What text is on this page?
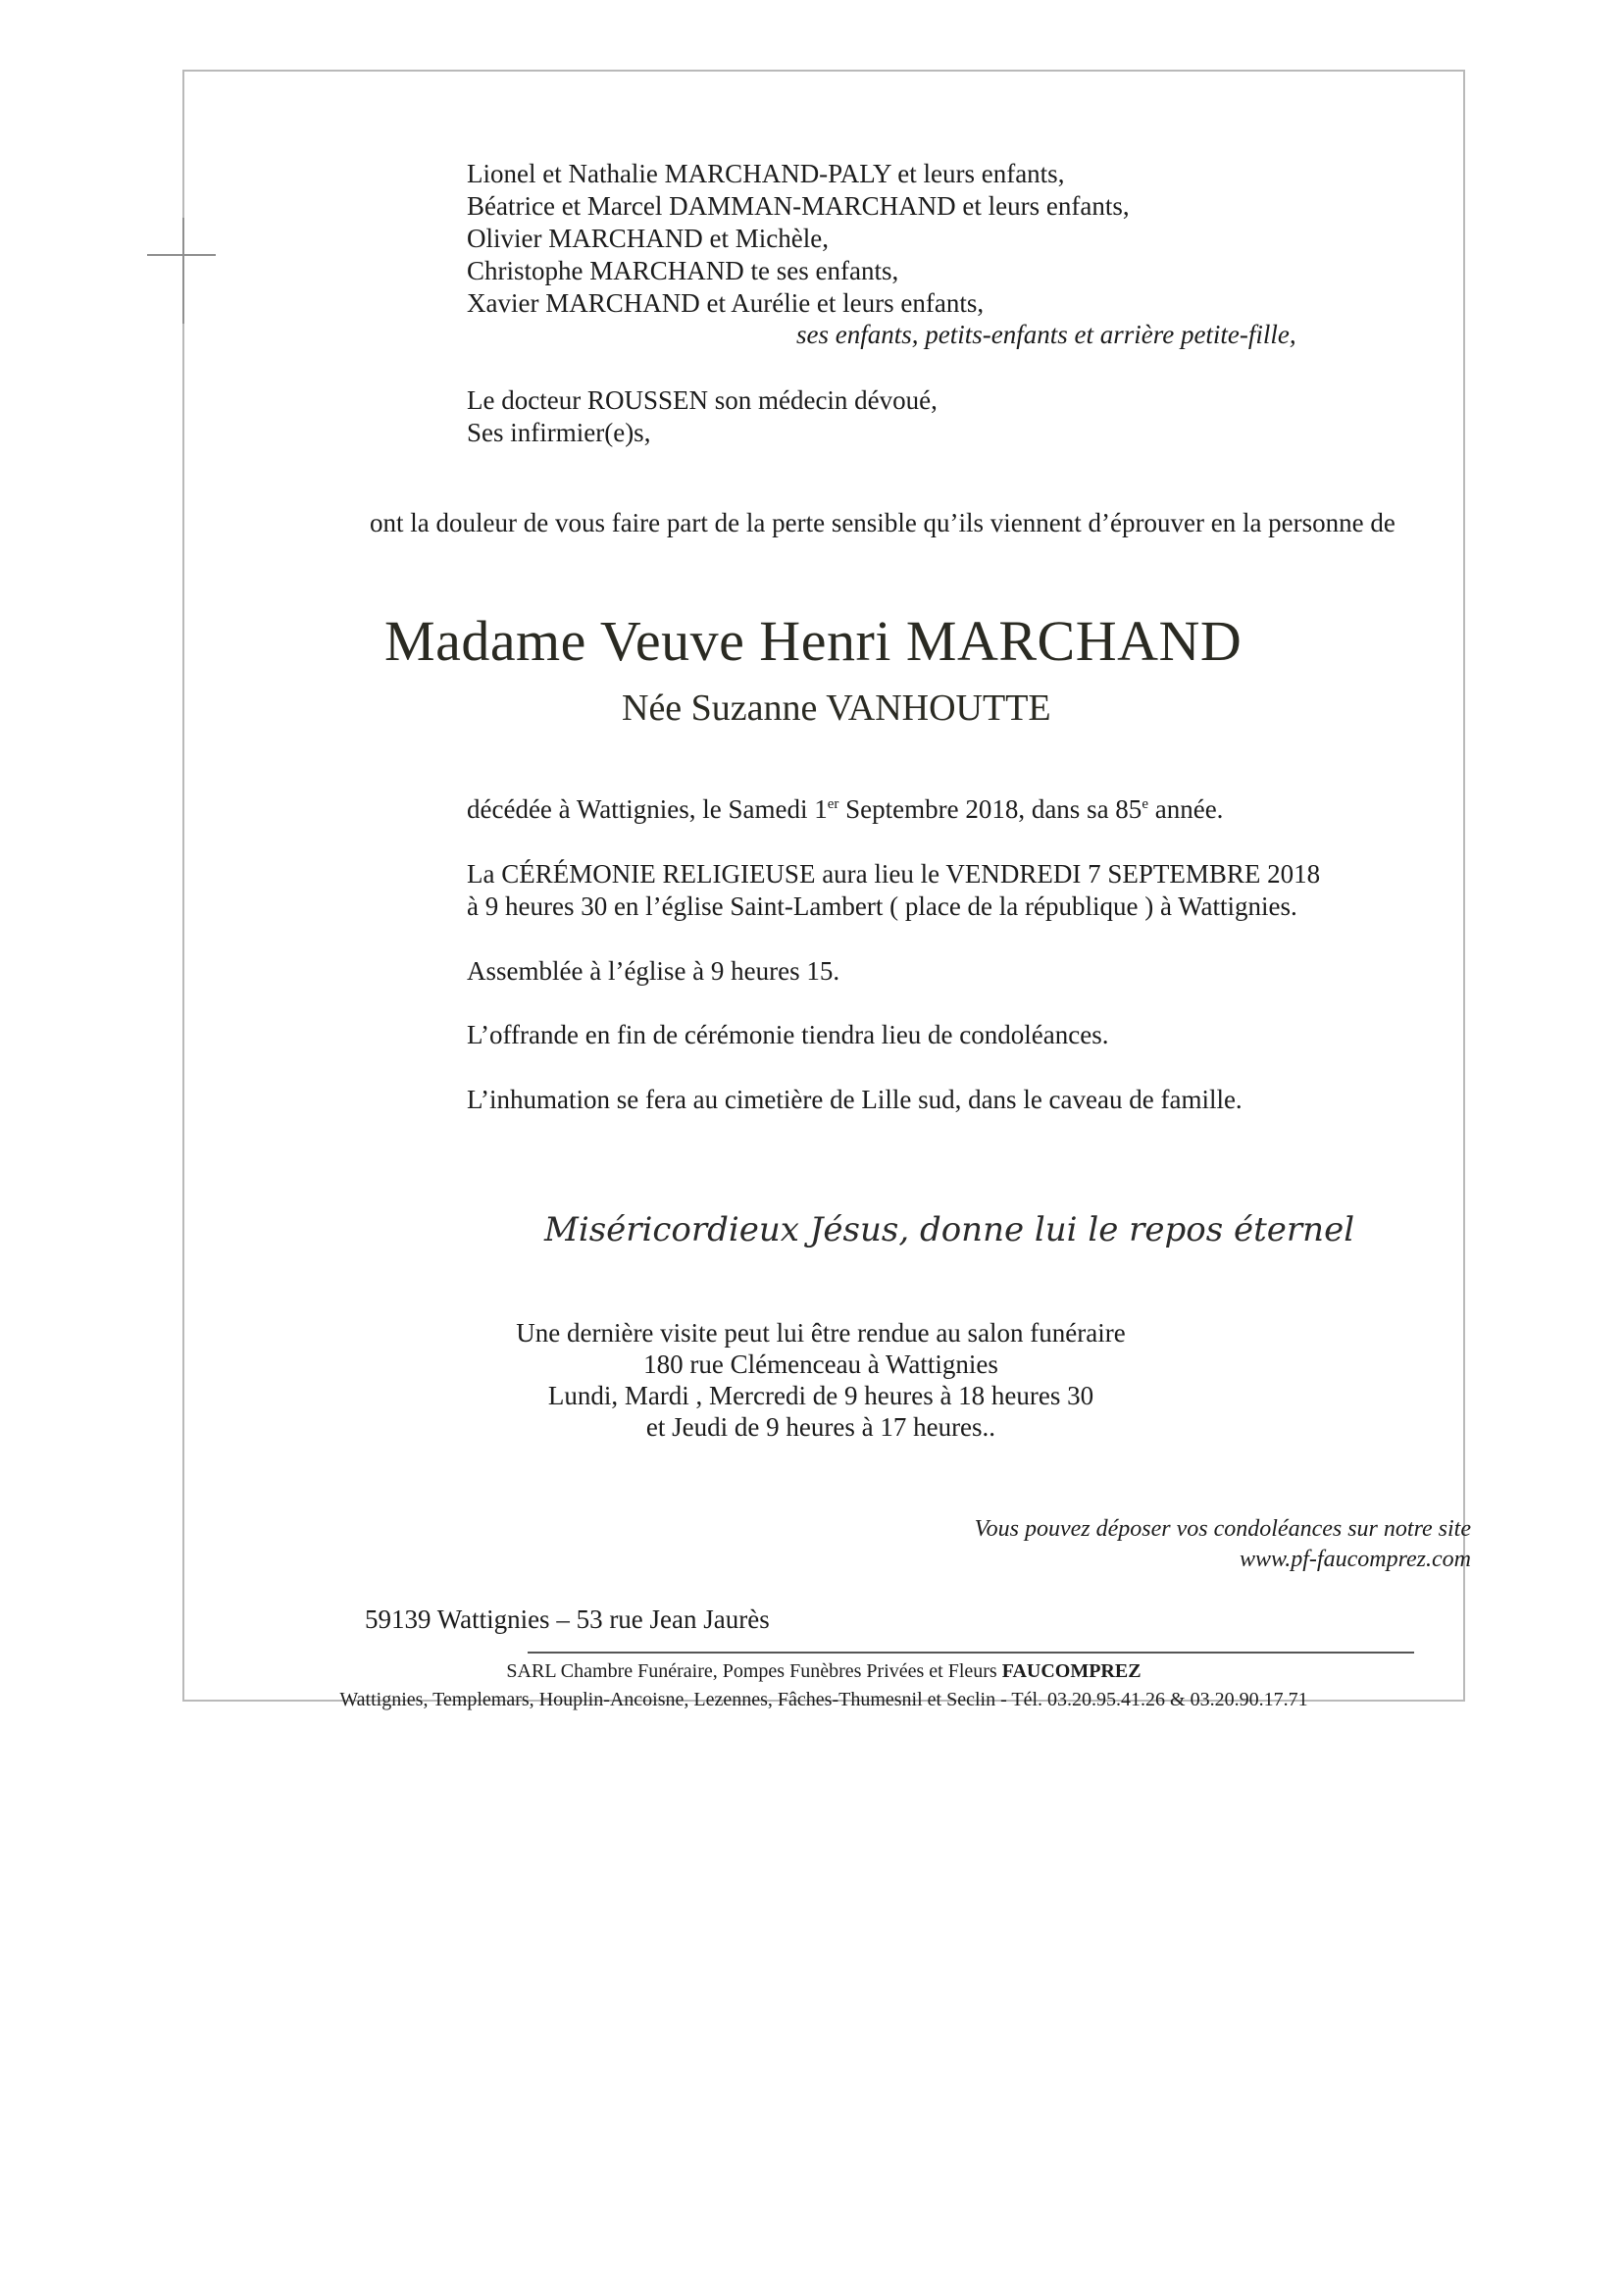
Lionel et Nathalie MARCHAND-PALY et leurs enfants,

Béatrice et Marcel DAMMAN-MARCHAND et leurs enfants,

Olivier MARCHAND et Michèle,

Christophe MARCHAND te ses enfants,

Xavier MARCHAND et Aurélie et leurs enfants,

ses enfants, petits-enfants et arrière petite-fille,

Le docteur ROUSSEN son médecin dévoué,

Ses infirmier(e)s,

ont la douleur de vous faire part de la perte sensible qu’ils viennent d’éprouver en la personne de

Madame Veuve Henri MARCHAND

Née Suzanne VANHOUTTE

décédée à Wattignies, le Samedi 1er Septembre 2018, dans sa 85e année.

La CÉRÉMONIE RELIGIEUSE aura lieu le VENDREDI 7 SEPTEMBRE 2018

à 9 heures 30 en l’église Saint-Lambert ( place de la république ) à Wattignies.

Assemblée à l’église à 9 heures 15.

L’offrande en fin de cérémonie tiendra lieu de condoléances.

L’inhumation se fera au cimetière de Lille sud, dans le caveau de famille.

Miséricordieux Jésus, donne lui le repos éternel

Une dernière visite peut lui être rendue au salon funéraire

180 rue Clémenceau à Wattignies

Lundi, Mardi , Mercredi de 9 heures à 18 heures 30

et Jeudi de 9 heures à 17 heures..

Vous pouvez déposer vos condoléances sur notre site

www.pf-faucomprez.com

59139 Wattignies – 53 rue Jean Jaurès

SARL Chambre Funéraire, Pompes Funèbres Privées et Fleurs FAUCOMPREZ

Wattignies, Templemars, Houplin-Ancoisne, Lezennes, Fâches-Thumesnil et Seclin - Tél. 03.20.95.41.26 & 03.20.90.17.71
